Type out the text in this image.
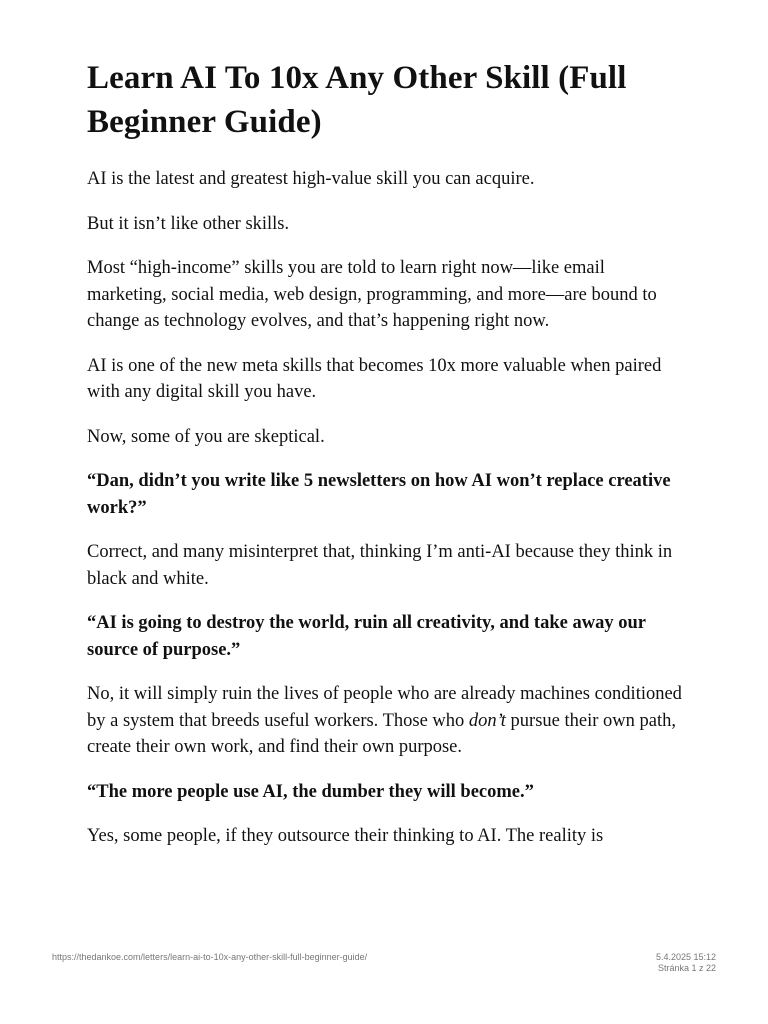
Learn AI To 10x Any Other Skill (Full Beginner Guide)

AI is the latest and greatest high-value skill you can acquire.

But it isn’t like other skills.

Most “high-income” skills you are told to learn right now—like email marketing, social media, web design, programming, and more—are bound to change as technology evolves, and that’s happening right now.

AI is one of the new meta skills that becomes 10x more valuable when paired with any digital skill you have.

Now, some of you are skeptical.

“Dan, didn’t you write like 5 newsletters on how AI won’t replace creative work?”

Correct, and many misinterpret that, thinking I’m anti-AI because they think in black and white.

“AI is going to destroy the world, ruin all creativity, and take away our source of purpose.”

No, it will simply ruin the lives of people who are already machines conditioned by a system that breeds useful workers. Those who don’t pursue their own path, create their own work, and find their own purpose.

“The more people use AI, the dumber they will become.”

Yes, some people, if they outsource their thinking to AI. The reality is

https://thedankoe.com/letters/learn-ai-to-10x-any-other-skill-full-beginner-guide/	5.4.2025 15:12
Stránka 1 z 22
